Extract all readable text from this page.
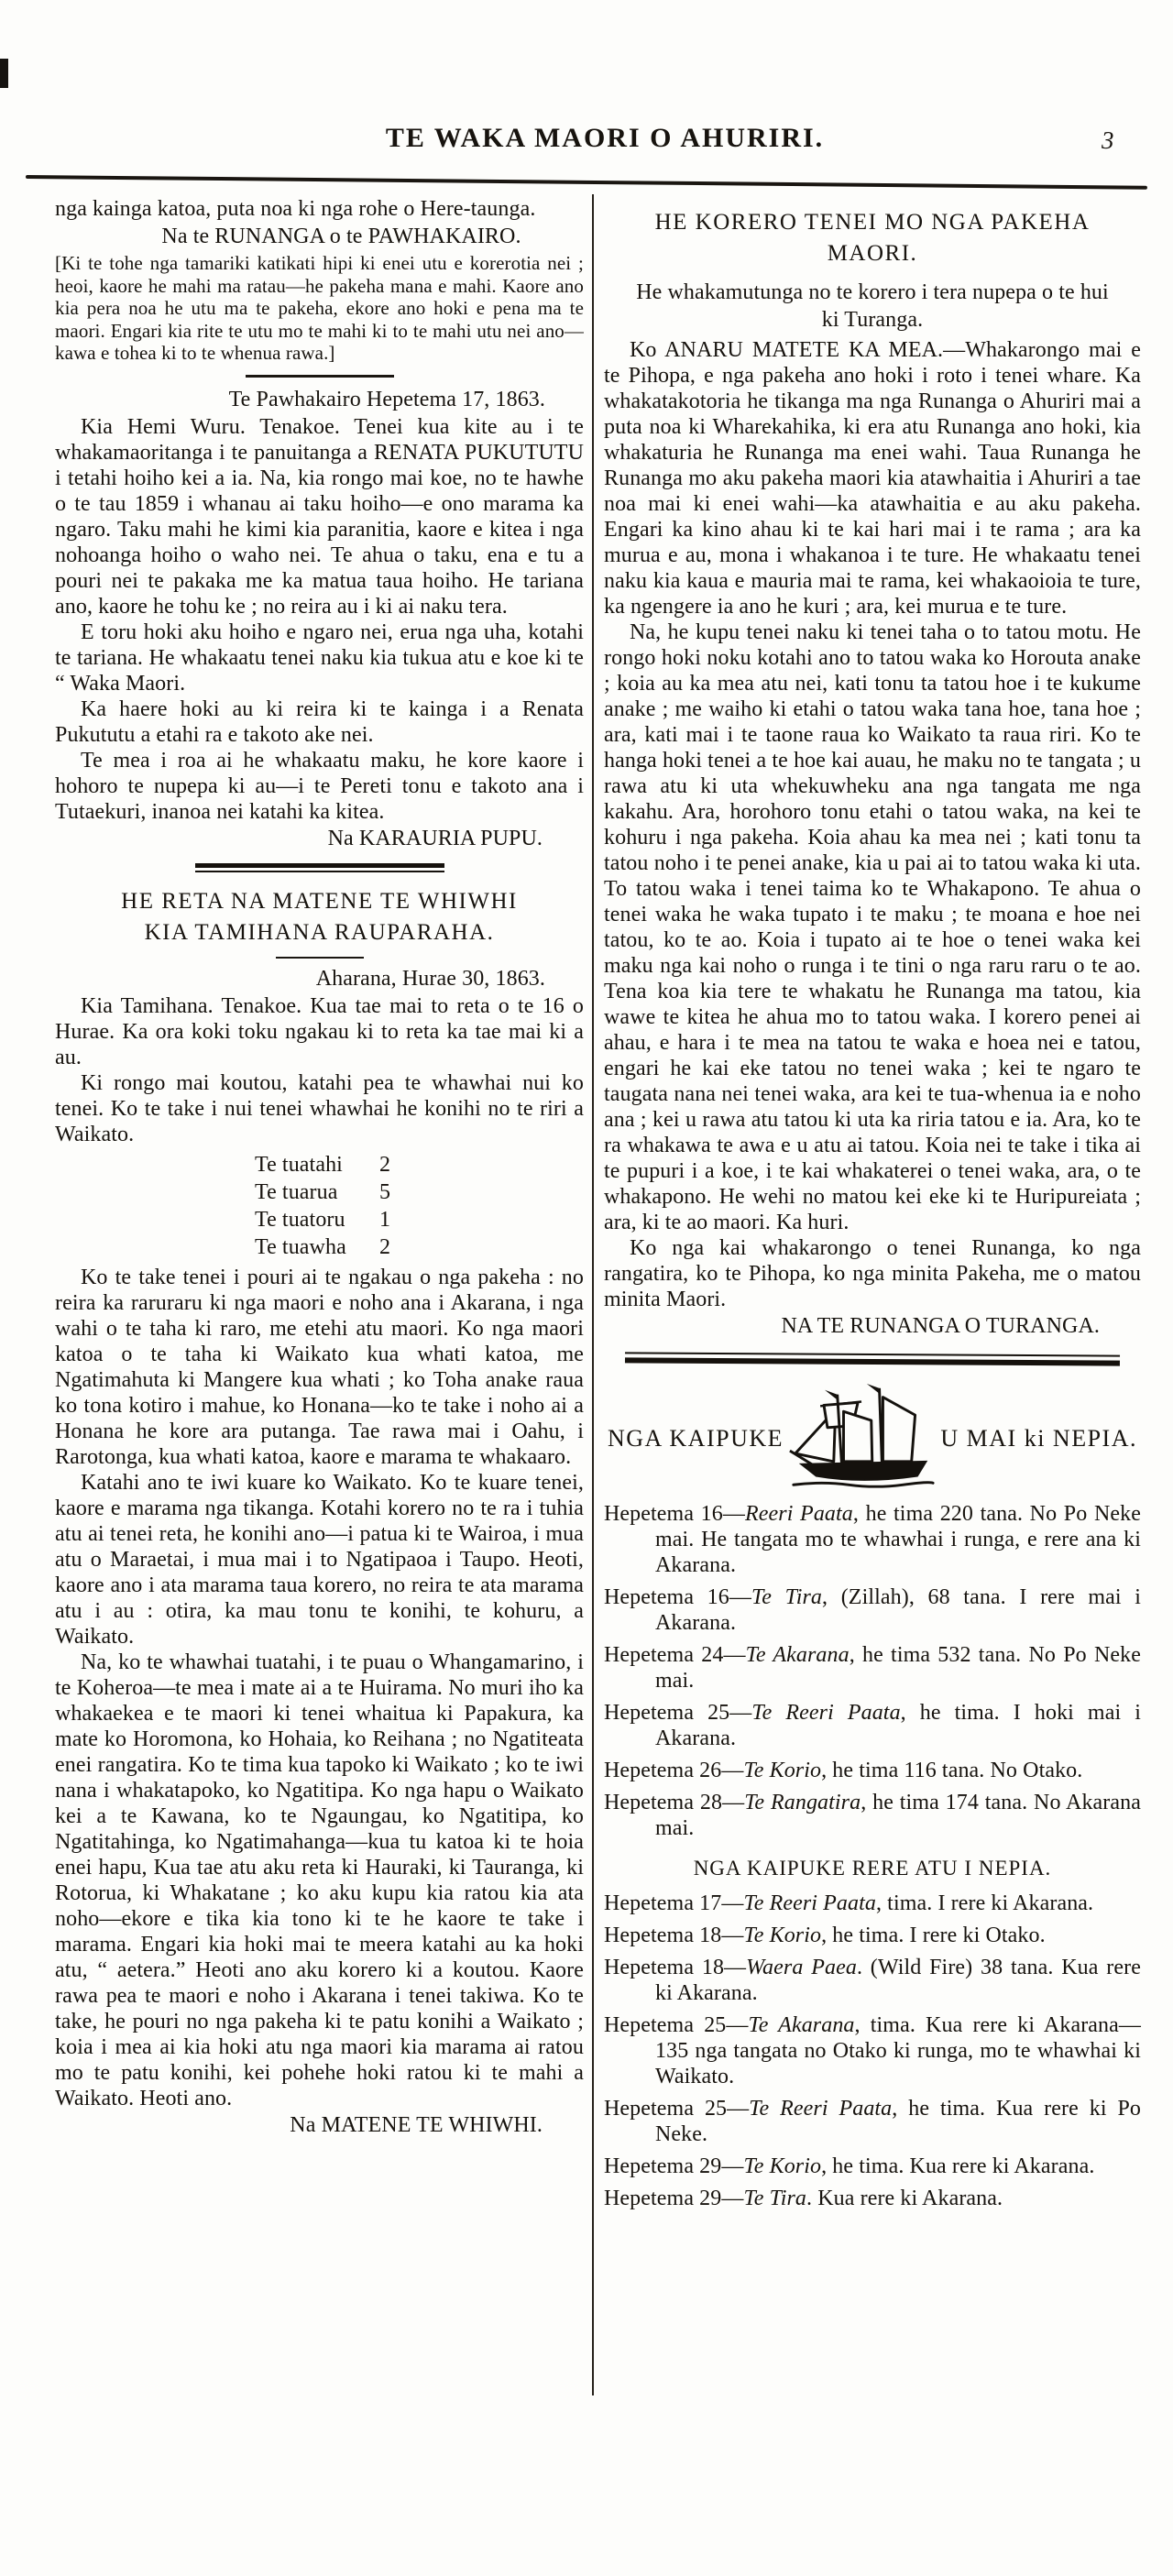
TE WAKA MAORI O AHURIRI.	3

nga kainga katoa, puta noa ki nga rohe o Here-taunga.

Na te RUNANGA o te PAWHAKAIRO.

[Ki te tohe nga tamariki katikati hipi ki enei utu e korerotia nei ; heoi, kaore he mahi ma ratau—he pakeha mana e mahi. Kaore ano kia pera noa he utu ma te pakeha, ekore ano hoki e pena ma te maori. Engari kia rite te utu mo te mahi ki to te mahi utu nei ano—kawa e tohea ki to te whenua rawa.]

Te Pawhakairo Hepetema 17, 1863.

Kia Hemi Wuru. Tenakoe. Tenei kua kite au i te whakamaoritanga i te panuitanga a RENATA PUKUTUTU i tetahi hoiho kei a ia. Na, kia rongo mai koe, no te hawhe o te tau 1859 i whanau ai taku hoiho—e ono marama ka ngaro. Taku mahi he kimi kia paranitia, kaore e kitea i nga nohoanga hoiho o waho nei. Te ahua o taku, ena e tu a pouri nei te pakaka me ka matua taua hoiho. He tariana ano, kaore he tohu ke ; no reira au i ki ai naku tera.

E toru hoki aku hoiho e ngaro nei, erua nga uha, kotahi te tariana. He whakaatu tenei naku kia tukua atu e koe ki te “ Waka Maori.

Ka haere hoki au ki reira ki te kainga i a Renata Pukututu a etahi ra e takoto ake nei.

Te mea i roa ai he whakaatu maku, he kore kaore i hohoro te nupepa ki au—i te Pereti tonu e takoto ana i Tutaekuri, inanoa nei katahi ka kitea.

Na KARAURIA PUPU.

HE RETA NA MATENE TE WHIWHI
KIA TAMIHANA RAUPARAHA.

Aharana, Hurae 30, 1863.

Kia Tamihana. Tenakoe. Kua tae mai to reta o te 16 o Hurae. Ka ora koki toku ngakau ki to reta ka tae mai ki a au.

Ki rongo mai koutou, katahi pea te whawhai nui ko tenei. Ko te take i nui tenei whawhai he konihi no te riri a Waikato.

Te tuatahi	2
Te tuarua	5
Te tuatoru	1
Te tuawha	2

Ko te take tenei i pouri ai te ngakau o nga pakeha : no reira ka raruraru ki nga maori e noho ana i Akarana, i nga wahi o te taha ki raro, me etehi atu maori. Ko nga maori katoa o te taha ki Waikato kua whati katoa, me Ngatimahuta ki Mangere kua whati ; ko Toha anake raua ko tona kotiro i mahue, ko Honana—ko te take i noho ai a Honana he kore ara putanga. Tae rawa mai i Oahu, i Rarotonga, kua whati katoa, kaore e marama te whakaaro.

Katahi ano te iwi kuare ko Waikato. Ko te kuare tenei, kaore e marama nga tikanga. Kotahi korero no te ra i tuhia atu ai tenei reta, he konihi ano—i patua ki te Wairoa, i mua atu o Maraetai, i mua mai i to Ngatipaoa i Taupo. Heoti, kaore ano i ata marama taua korero, no reira te ata marama atu i au : otira, ka mau tonu te konihi, te kohuru, a Waikato.

Na, ko te whawhai tuatahi, i te puau o Whangamarino, i te Koheroa—te mea i mate ai a te Huirama. No muri iho ka whakaekea e te maori ki tenei whaitua ki Papakura, ka mate ko Horomona, ko Hohaia, ko Reihana ; no Ngatiteata enei rangatira. Ko te tima kua tapoko ki Waikato ; ko te iwi nana i whakatapoko, ko Ngatitipa. Ko nga hapu o Waikato kei a te Kawana, ko te Ngaungau, ko Ngatitipa, ko Ngatitahinga, ko Ngatimahanga—kua tu katoa ki te hoia enei hapu, Kua tae atu aku reta ki Hauraki, ki Tauranga, ki Rotorua, ki Whakatane ; ko aku kupu kia ratou kia ata noho—ekore e tika kia tono ki te he kaore te take i marama. Engari kia hoki mai te meera katahi au ka hoki atu, “ aetera.” Heoti ano aku korero ki a koutou. Kaore rawa pea te maori e noho i Akarana i tenei takiwa. Ko te take, he pouri no nga pakeha ki te patu konihi a Waikato ; koia i mea ai kia hoki atu nga maori kia marama ai ratou mo te patu konihi, kei pohehe hoki ratou ki te mahi a Waikato. Heoti ano.

Na MATENE TE WHIWHI.

HE KORERO TENEI MO NGA PAKEHA
MAORI.

He whakamutunga no te korero i tera nupepa o te hui ki Turanga.

Ko ANARU MATETE KA MEA.—Whakarongo mai e te Pihopa, e nga pakeha ano hoki i roto i tenei whare. Ka whakatakotoria he tikanga ma nga Runanga o Ahuriri mai a puta noa ki Wharekahika, ki era atu Runanga ano hoki, kia whakaturia he Runanga ma enei wahi. Taua Runanga he Runanga mo aku pakeha maori kia atawhaitia i Ahuriri a tae noa mai ki enei wahi—ka atawhaitia e au aku pakeha. Engari ka kino ahau ki te kai hari mai i te rama ; ara ka murua e au, mona i whakanoa i te ture. He whakaatu tenei naku kia kaua e mauria mai te rama, kei whakaoioia te ture, ka ngengere ia ano he kuri ; ara, kei murua e te ture.

Na, he kupu tenei naku ki tenei taha o to tatou motu. He rongo hoki noku kotahi ano to tatou waka ko Horouta anake ; koia au ka mea atu nei, kati tonu ta tatou hoe i te kukume anake ; me waiho ki etahi o tatou waka tana hoe, tana hoe ; ara, kati mai i te taone raua ko Waikato ta raua riri. Ko te hanga hoki tenei a te hoe kai auau, he maku no te tangata ; u rawa atu ki uta whekuwheku ana nga tangata me nga kakahu. Ara, horohoro tonu etahi o tatou waka, na kei te kohuru i nga pakeha. Koia ahau ka mea nei ; kati tonu ta tatou noho i te penei anake, kia u pai ai to tatou waka ki uta. To tatou waka i tenei taima ko te Whakapono. Te ahua o tenei waka he waka tupato i te maku ; te moana e hoe nei tatou, ko te ao. Koia i tupato ai te hoe o tenei waka kei maku nga kai noho o runga i te tini o nga raru raru o te ao. Tena koa kia tere te whakatu he Runanga ma tatou, kia wawe te kitea he ahua mo to tatou waka. I korero penei ai ahau, e hara i te mea na tatou te waka e hoea nei e tatou, engari he kai eke tatou no tenei waka ; kei te ngaro te taugata nana nei tenei waka, ara kei te tua-whenua ia e noho ana ; kei u rawa atu tatou ki uta ka riria tatou e ia. Ara, ko te ra whakawa te awa e u atu ai tatou. Koia nei te take i tika ai te pupuri i a koe, i te kai whakaterei o tenei waka, ara, o te whakapono. He wehi no matou kei eke ki te Huripureiata ; ara, ki te ao maori. Ka huri.

Ko nga kai whakarongo o tenei Runanga, ko nga rangatira, ko te Pihopa, ko nga minita Pakeha, me o matou minita Maori.

NA TE RUNANGA O TURANGA.

NGA KAIPUKE	U MAI ki NEPIA.

Hepetema 16—Reeri Paata, he tima 220 tana. No Po Neke mai. He tangata mo te whawhai i runga, e rere ana ki Akarana.

Hepetema 16—Te Tira, (Zillah), 68 tana. I rere mai i Akarana.

Hepetema 24—Te Akarana, he tima 532 tana. No Po Neke mai.

Hepetema 25—Te Reeri Paata, he tima. I hoki mai i Akarana.

Hepetema 26—Te Korio, he tima 116 tana. No Otako.

Hepetema 28—Te Rangatira, he tima 174 tana. No Akarana mai.

NGA KAIPUKE RERE ATU I NEPIA.

Hepetema 17—Te Reeri Paata, tima. I rere ki Akarana.

Hepetema 18—Te Korio, he tima. I rere ki Otako.

Hepetema 18—Waera Paea. (Wild Fire) 38 tana. Kua rere ki Akarana.

Hepetema 25—Te Akarana, tima. Kua rere ki Akarana—135 nga tangata no Otako ki runga, mo te whawhai ki Waikato.

Hepetema 25—Te Reeri Paata, he tima. Kua rere ki Po Neke.

Hepetema 29—Te Korio, he tima. Kua rere ki Akarana.

Hepetema 29—Te Tira. Kua rere ki Akarana.
